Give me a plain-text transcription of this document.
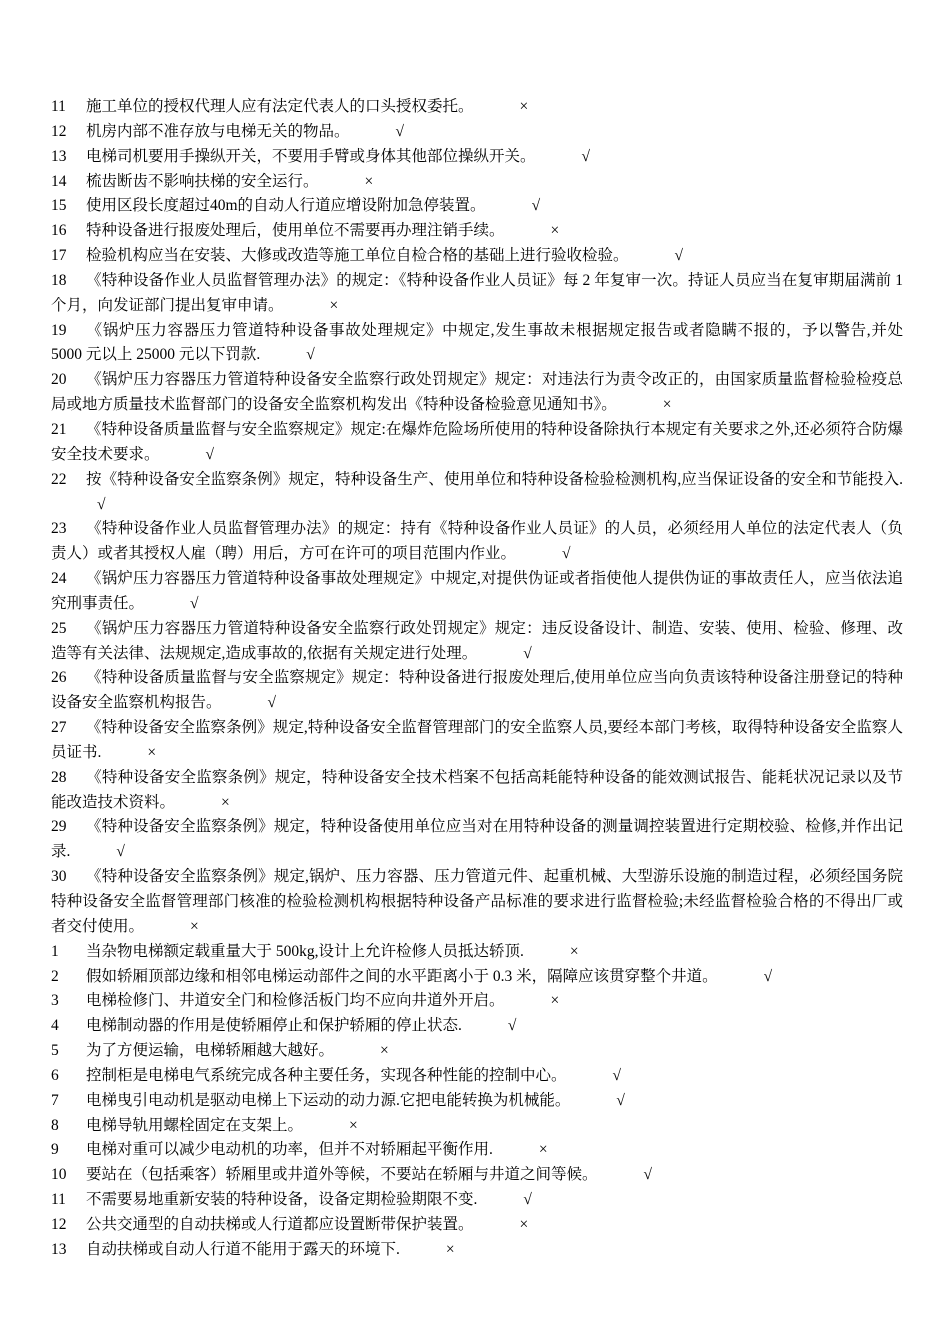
11 施工单位的授权代理人应有法定代表人的口头授权委托。	×

12 机房内部不准存放与电梯无关的物品。	√

13 电梯司机要用手操纵开关，不要用手臂或身体其他部位操纵开关。	√

14 梳齿断齿不影响扶梯的安全运行。	×

15 使用区段长度超过40m的自动人行道应增设附加急停装置。	√

16 特种设备进行报废处理后，使用单位不需要再办理注销手续。	×

17 检验机构应当在安装、大修或改造等施工单位自检合格的基础上进行验收检验。	√

18 《特种设备作业人员监督管理办法》的规定：《特种设备作业人员证》每 2 年复审一次。持证人员应当在复审期届满前 1 个月，向发证部门提出复审申请。	×

19 《锅炉压力容器压力管道特种设备事故处理规定》中规定,发生事故未根据规定报告或者隐瞒不报的，予以警告,并处 5000 元以上 25000 元以下罚款.	√

20 《锅炉压力容器压力管道特种设备安全监察行政处罚规定》规定：对违法行为责令改正的，由国家质量监督检验检疫总局或地方质量技术监督部门的设备安全监察机构发出《特种设备检验意见通知书》。	×

21 《特种设备质量监督与安全监察规定》规定:在爆炸危险场所使用的特种设备除执行本规定有关要求之外,还必须符合防爆安全技术要求。	√

22 按《特种设备安全监察条例》规定，特种设备生产、使用单位和特种设备检验检测机构,应当保证设备的安全和节能投入.√

23 《特种设备作业人员监督管理办法》的规定：持有《特种设备作业人员证》的人员，必须经用人单位的法定代表人（负责人）或者其授权人雇（聘）用后，方可在许可的项目范围内作业。	√

24 《锅炉压力容器压力管道特种设备事故处理规定》中规定,对提供伪证或者指使他人提供伪证的事故责任人，应当依法追究刑事责任。	√

25 《锅炉压力容器压力管道特种设备安全监察行政处罚规定》规定：违反设备设计、制造、安装、使用、检验、修理、改造等有关法律、法规规定,造成事故的,依据有关规定进行处理。	√

26 《特种设备质量监督与安全监察规定》规定：特种设备进行报废处理后,使用单位应当向负责该特种设备注册登记的特种设备安全监察机构报告。	√

27 《特种设备安全监察条例》规定,特种设备安全监督管理部门的安全监察人员,要经本部门考核，取得特种设备安全监察人员证书.	×

28 《特种设备安全监察条例》规定，特种设备安全技术档案不包括高耗能特种设备的能效测试报告、能耗状况记录以及节能改造技术资料。	×

29 《特种设备安全监察条例》规定，特种设备使用单位应当对在用特种设备的测量调控装置进行定期校验、检修,并作出记录.	√

30 《特种设备安全监察条例》规定,锅炉、压力容器、压力管道元件、起重机械、大型游乐设施的制造过程，必须经国务院特种设备安全监督管理部门核准的检验检测机构根据特种设备产品标准的要求进行监督检验;未经监督检验合格的不得出厂或者交付使用。	×

1 当杂物电梯额定载重量大于 500kg,设计上允许检修人员抵达轿顶.	×

2 假如轿厢顶部边缘和相邻电梯运动部件之间的水平距离小于 0.3 米，隔障应该贯穿整个井道。	√

3 电梯检修门、井道安全门和检修活板门均不应向井道外开启。	×

4 电梯制动器的作用是使轿厢停止和保护轿厢的停止状态.	√

5 为了方便运输，电梯轿厢越大越好。	×

6 控制柜是电梯电气系统完成各种主要任务，实现各种性能的控制中心。	√

7 电梯曳引电动机是驱动电梯上下运动的动力源.它把电能转换为机械能。	√

8 电梯导轨用螺栓固定在支架上。	×

9 电梯对重可以减少电动机的功率，但并不对轿厢起平衡作用.	×

10 要站在（包括乘客）轿厢里或井道外等候，不要站在轿厢与井道之间等候。	√

11 不需要易地重新安装的特种设备，设备定期检验期限不变.	√

12 公共交通型的自动扶梯或人行道都应设置断带保护装置。	×

13 自动扶梯或自动人行道不能用于露天的环境下.	×
